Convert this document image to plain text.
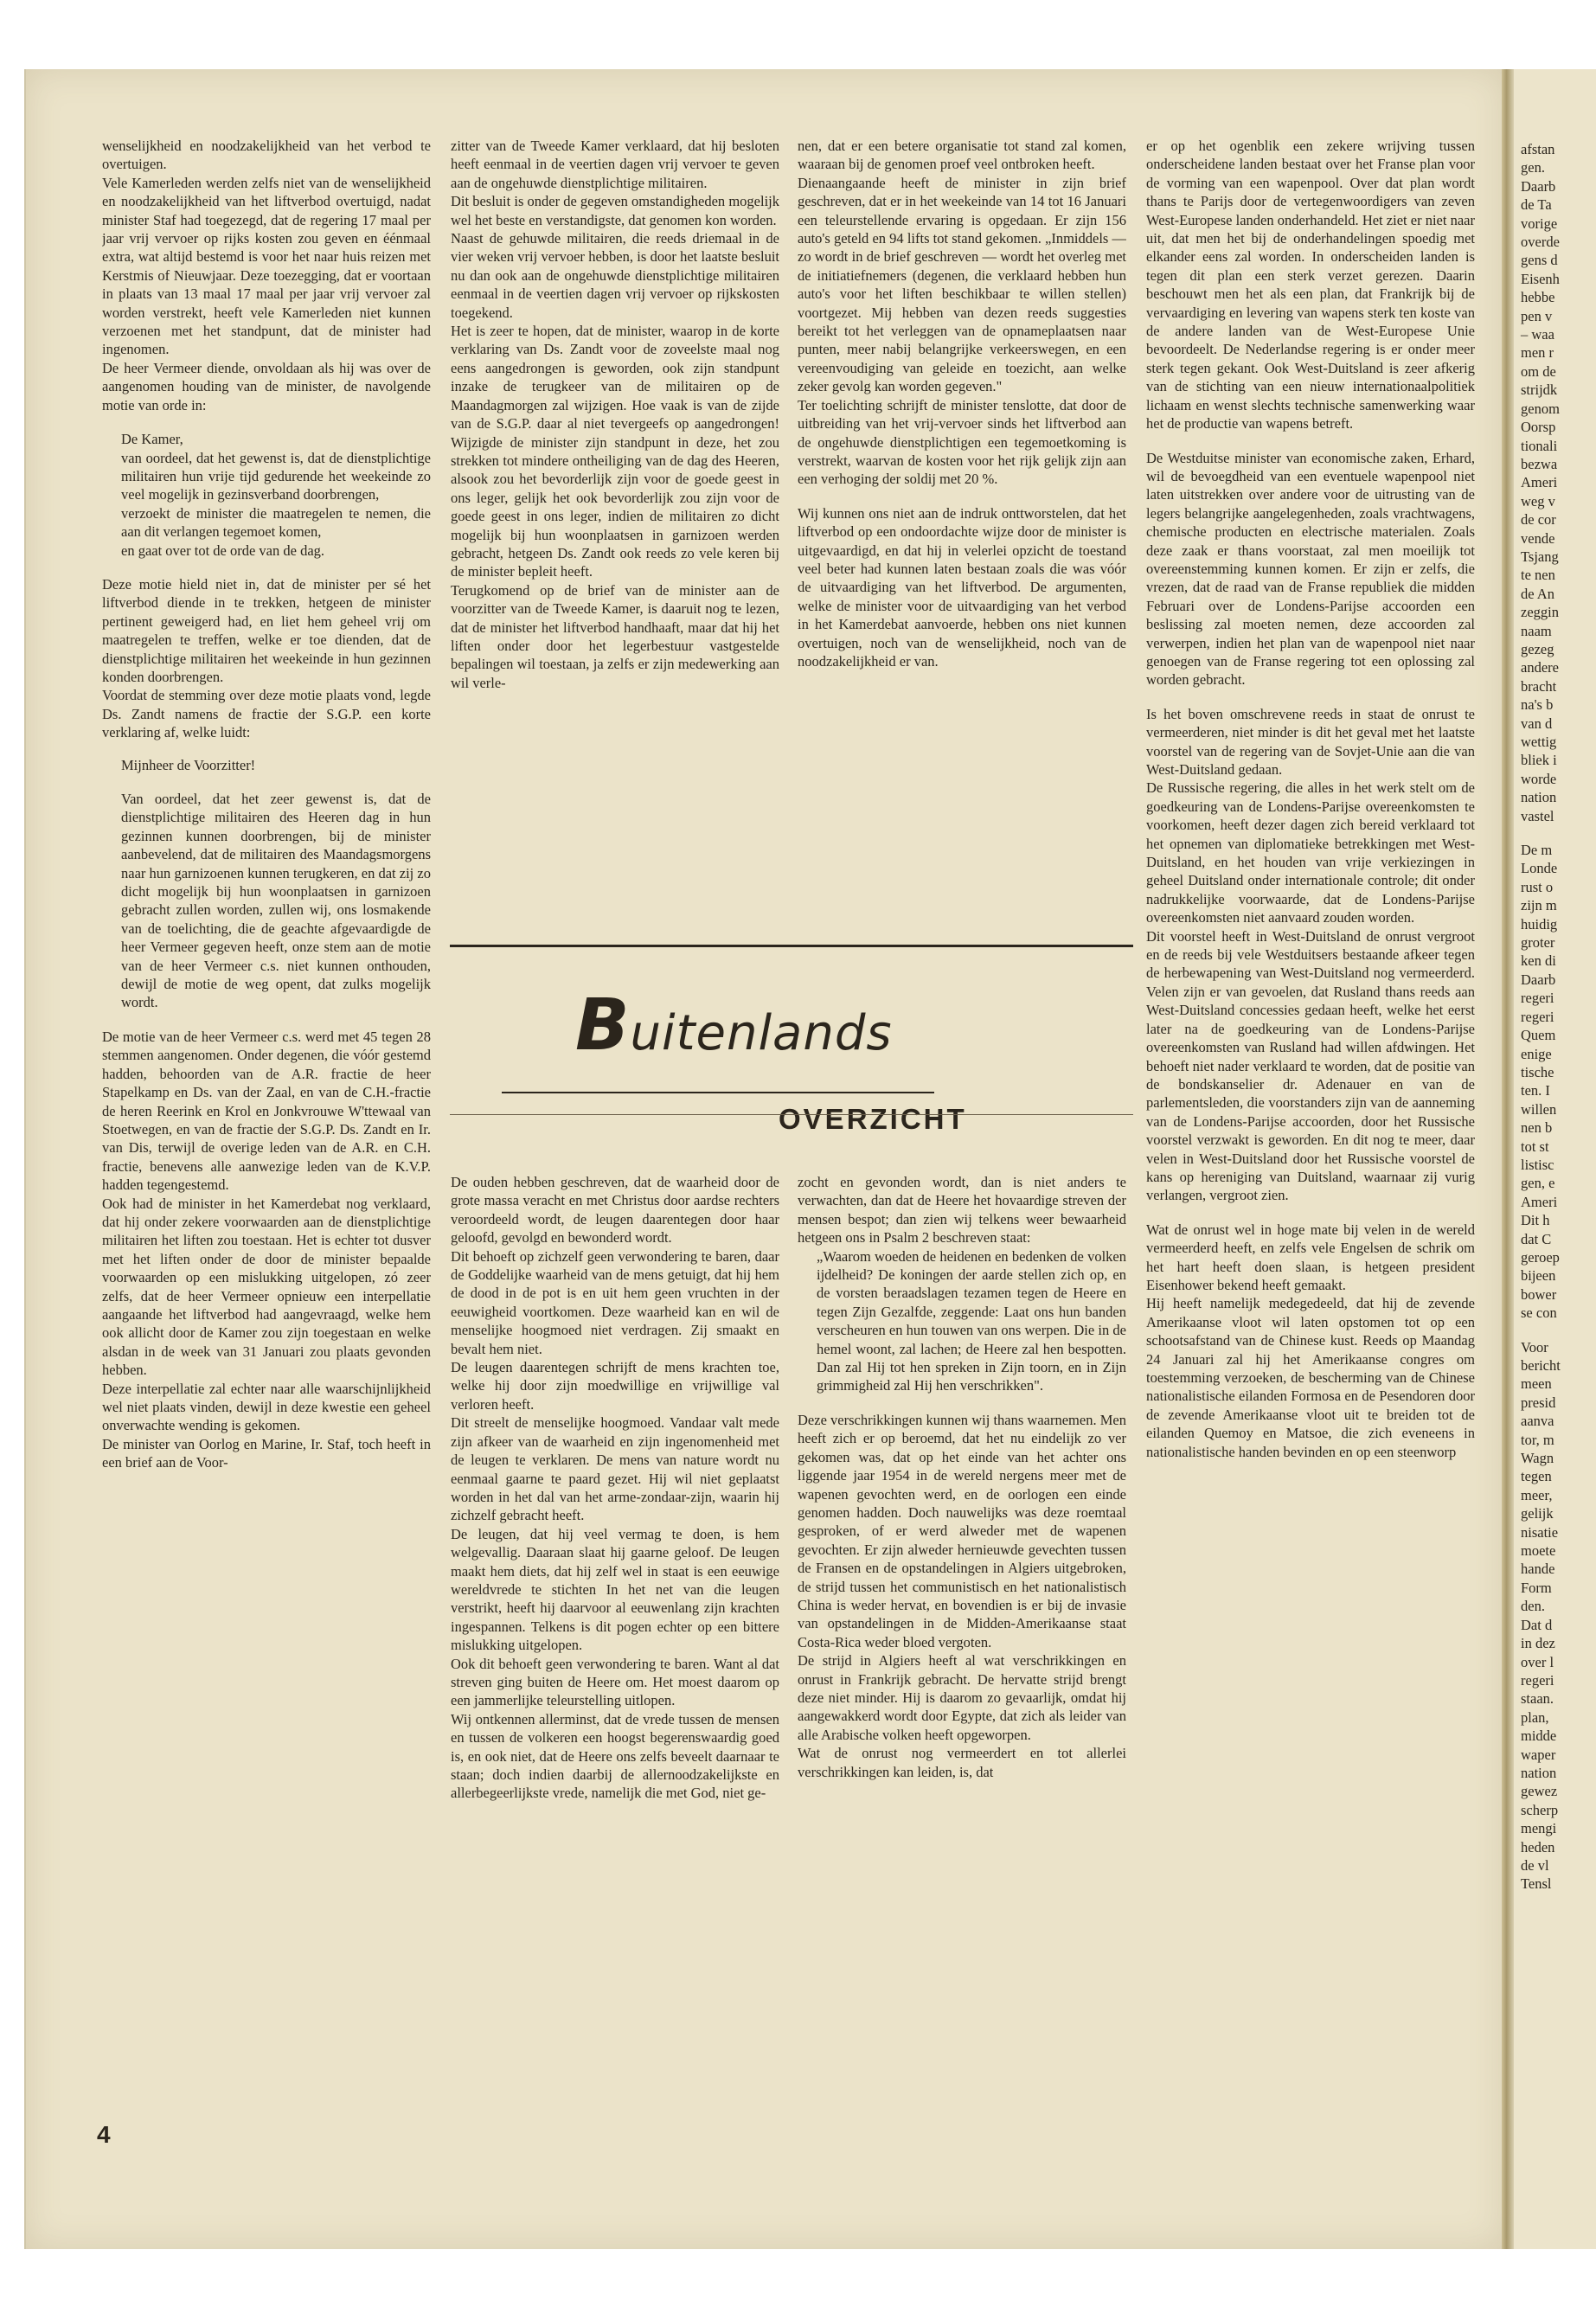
afstan

gen.

Daarb

de Ta

vorige

overde

gens d

Eisenh

hebbe

pen v

– waa

men r

om de

strijdk

genom

Oorsp

tionali

bezwa

Ameri

weg v

de cor

vende

Tsjang

te nen

de An

zeggin

naam

gezeg

andere

bracht

na's b

van d

wettig

bliek i

worde

nation

vastel

De m

Londe

rust o

zijn m

huidig

groter

ken di

Daarb

regeri

regeri

Quem

enige

tische

ten. I

willen

nen b

tot st

listisc

gen, e

Ameri

Dit h

dat C

geroep

bijeen

bower

se con

Voor

bericht

meen

presid

aanva

tor, m

Wagn

tegen

meer,

gelijk

nisatie

moete

hande

Form

den.

Dat d

in dez

over l

regeri

staan.

plan,

midde

waper

nation

gewez

scherp

mengi

heden

de vl

Tensl

wenselijkheid en noodzakelijkheid van het verbod te overtuigen.

Vele Kamerleden werden zelfs niet van de wenselijkheid en noodzakelijkheid van het liftverbod overtuigd, nadat minister Staf had toegezegd, dat de regering 17 maal per jaar vrij vervoer op rijks kosten zou geven en éénmaal extra, wat altijd bestemd is voor het naar huis reizen met Kerstmis of Nieuwjaar. Deze toezegging, dat er voortaan in plaats van 13 maal 17 maal per jaar vrij vervoer zal worden verstrekt, heeft vele Kamerleden niet kunnen verzoenen met het standpunt, dat de minister had ingenomen.

De heer Vermeer diende, onvoldaan als hij was over de aangenomen houding van de minister, de navolgende motie van orde in:

De Kamer,

van oordeel, dat het gewenst is, dat de dienstplichtige militairen hun vrije tijd gedurende het weekeinde zo veel mogelijk in gezinsverband doorbrengen,

verzoekt de minister die maatregelen te nemen, die aan dit verlangen tegemoet komen,

en gaat over tot de orde van de dag.

Deze motie hield niet in, dat de minister per sé het liftverbod diende in te trekken, hetgeen de minister pertinent geweigerd had, en liet hem geheel vrij om maatregelen te treffen, welke er toe dienden, dat de dienstplichtige militairen het weekeinde in hun gezinnen konden doorbrengen.

Voordat de stemming over deze motie plaats vond, legde Ds. Zandt namens de fractie der S.G.P. een korte verklaring af, welke luidt:

Mijnheer de Voorzitter!

Van oordeel, dat het zeer gewenst is, dat de dienstplichtige militairen des Heeren dag in hun gezinnen kunnen doorbrengen, bij de minister aanbevelend, dat de militairen des Maandagsmorgens naar hun garnizoenen kunnen terugkeren, en dat zij zo dicht mogelijk bij hun woonplaatsen in garnizoen gebracht zullen worden, zullen wij, ons losmakende van de toelichting, die de geachte afgevaardigde de heer Vermeer gegeven heeft, onze stem aan de motie van de heer Vermeer c.s. niet kunnen onthouden, dewijl de motie de weg opent, dat zulks mogelijk wordt.

De motie van de heer Vermeer c.s. werd met 45 tegen 28 stemmen aangenomen. Onder degenen, die vóór gestemd hadden, behoorden van de A.R. fractie de heer Stapelkamp en Ds. van der Zaal, en van de C.H.-fractie de heren Reerink en Krol en Jonkvrouwe W'ttewaal van Stoetwegen, en van de fractie der S.G.P. Ds. Zandt en Ir. van Dis, terwijl de overige leden van de A.R. en C.H. fractie, benevens alle aanwezige leden van de K.V.P. hadden tegengestemd.

Ook had de minister in het Kamerdebat nog verklaard, dat hij onder zekere voorwaarden aan de dienstplichtige militairen het liften zou toestaan. Het is echter tot dusver met het liften onder de door de minister bepaalde voorwaarden op een mislukking uitgelopen, zó zeer zelfs, dat de heer Vermeer opnieuw een interpellatie aangaande het liftverbod had aangevraagd, welke hem ook allicht door de Kamer zou zijn toegestaan en welke alsdan in de week van 31 Januari zou plaats gevonden hebben.

Deze interpellatie zal echter naar alle waarschijnlijkheid wel niet plaats vinden, dewijl in deze kwestie een geheel onverwachte wending is gekomen.

De minister van Oorlog en Marine, Ir. Staf, toch heeft in een brief aan de Voor-

zitter van de Tweede Kamer verklaard, dat hij besloten heeft eenmaal in de veertien dagen vrij vervoer te geven aan de ongehuwde dienstplichtige militairen.

Dit besluit is onder de gegeven omstandigheden mogelijk wel het beste en verstandigste, dat genomen kon worden.

Naast de gehuwde militairen, die reeds driemaal in de vier weken vrij vervoer hebben, is door het laatste besluit nu dan ook aan de ongehuwde dienstplichtige militairen eenmaal in de veertien dagen vrij vervoer op rijkskosten toegekend.

Het is zeer te hopen, dat de minister, waarop in de korte verklaring van Ds. Zandt voor de zoveelste maal nog eens aangedrongen is geworden, ook zijn standpunt inzake de terugkeer van de militairen op de Maandagmorgen zal wijzigen. Hoe vaak is van de zijde van de S.G.P. daar al niet tevergeefs op aangedrongen! Wijzigde de minister zijn standpunt in deze, het zou strekken tot mindere ontheiliging van de dag des Heeren, alsook zou het bevorderlijk zijn voor de goede geest in ons leger, gelijk het ook bevorderlijk zou zijn voor de goede geest in ons leger, indien de militairen zo dicht mogelijk bij hun woonplaatsen in garnizoen werden gebracht, hetgeen Ds. Zandt ook reeds zo vele keren bij de minister bepleit heeft.

Terugkomend op de brief van de minister aan de voorzitter van de Tweede Kamer, is daaruit nog te lezen, dat de minister het liftverbod handhaaft, maar dat hij het liften onder door het legerbestuur vastgestelde bepalingen wil toestaan, ja zelfs er zijn medewerking aan wil verle-

nen, dat er een betere organisatie tot stand zal komen, waaraan bij de genomen proef veel ontbroken heeft.

Dienaangaande heeft de minister in zijn brief geschreven, dat er in het weekeinde van 14 tot 16 Januari een teleurstellende ervaring is opgedaan. Er zijn 156 auto's geteld en 94 lifts tot stand gekomen. „Inmiddels —zo wordt in de brief geschreven — wordt het overleg met de initiatiefnemers (degenen, die verklaard hebben hun auto's voor het liften beschikbaar te willen stellen) voortgezet. Mij hebben van dezen reeds suggesties bereikt tot het verleggen van de opnameplaatsen naar punten, meer nabij belangrijke verkeerswegen, en een vereenvoudiging van geleide en toezicht, aan welke zeker gevolg kan worden gegeven."

Ter toelichting schrijft de minister tenslotte, dat door de uitbreiding van het vrij-vervoer sinds het liftverbod aan de ongehuwde dienstplichtigen een tegemoetkoming is verstrekt, waarvan de kosten voor het rijk gelijk zijn aan een verhoging der soldij met 20 %.

Wij kunnen ons niet aan de indruk onttworstelen, dat het liftverbod op een ondoordachte wijze door de minister is uitgevaardigd, en dat hij in velerlei opzicht de toestand veel beter had kunnen laten bestaan zoals die was vóór de uitvaardiging van het liftverbod. De argumenten, welke de minister voor de uitvaardiging van het verbod in het Kamerdebat aanvoerde, hebben ons niet kunnen overtuigen, noch van de wenselijkheid, noch van de noodzakelijkheid er van.

er op het ogenblik een zekere wrijving tussen onderscheidene landen bestaat over het Franse plan voor de vorming van een wapenpool. Over dat plan wordt thans te Parijs door de vertegenwoordigers van zeven West-Europese landen onderhandeld. Het ziet er niet naar uit, dat men het bij de onderhandelingen spoedig met elkander eens zal worden. In onderscheiden landen is tegen dit plan een sterk verzet gerezen. Daarin beschouwt men het als een plan, dat Frankrijk bij de vervaardiging en levering van wapens sterk ten koste van de andere landen van de West-Europese Unie bevoordeelt. De Nederlandse regering is er onder meer sterk tegen gekant. Ook West-Duitsland is zeer afkerig van de stichting van een nieuw internationaalpolitiek lichaam en wenst slechts technische samenwerking waar het de productie van wapens betreft.

De Westduitse minister van economische zaken, Erhard, wil de bevoegdheid van een eventuele wapenpool niet laten uitstrekken over andere voor de uitrusting van de legers belangrijke aangelegenheden, zoals vrachtwagens, chemische producten en electrische materialen. Zoals deze zaak er thans voorstaat, zal men moeilijk tot overeenstemming kunnen komen. Er zijn er zelfs, die vrezen, dat de raad van de Franse republiek die midden Februari over de Londens-Parijse accoorden een beslissing zal moeten nemen, deze accoorden zal verwerpen, indien het plan van de wapenpool niet naar genoegen van de Franse regering tot een oplossing zal worden gebracht.

Is het boven omschrevene reeds in staat de onrust te vermeerderen, niet minder is dit het geval met het laatste voorstel van de regering van de Sovjet-Unie aan die van West-Duitsland gedaan.

De Russische regering, die alles in het werk stelt om de goedkeuring van de Londens-Parijse overeenkomsten te voorkomen, heeft dezer dagen zich bereid verklaard tot het opnemen van diplomatieke betrekkingen met West-Duitsland, en het houden van vrije verkiezingen in geheel Duitsland onder internationale controle; dit onder nadrukkelijke voorwaarde, dat de Londens-Parijse overeenkomsten niet aanvaard zouden worden.

Dit voorstel heeft in West-Duitsland de onrust vergroot en de reeds bij vele Westduitsers bestaande afkeer tegen de herbewapening van West-Duitsland nog vermeerderd. Velen zijn er van gevoelen, dat Rusland thans reeds aan West-Duitsland concessies gedaan heeft, welke het eerst later na de goedkeuring van de Londens-Parijse overeenkomsten van Rusland had willen afdwingen. Het behoeft niet nader verklaard te worden, dat de positie van de bondskanselier dr. Adenauer en van de parlementsleden, die voorstanders zijn van de aanneming van de Londens-Parijse accoorden, door het Russische voorstel verzwakt is geworden. En dit nog te meer, daar velen in West-Duitsland door het Russische voorstel de kans op hereniging van Duitsland, waarnaar zij vurig verlangen, vergroot zien.

Wat de onrust wel in hoge mate bij velen in de wereld vermeerderd heeft, en zelfs vele Engelsen de schrik om het hart heeft doen slaan, is hetgeen president Eisenhower bekend heeft gemaakt.

Hij heeft namelijk medegedeeld, dat hij de zevende Amerikaanse vloot wil laten opstomen tot op een schootsafstand van de Chinese kust. Reeds op Maandag 24 Januari zal hij het Amerikaanse congres om toestemming verzoeken, de bescherming van de Chinese nationalistische eilanden Formosa en de Pesendoren door de zevende Amerikaanse vloot uit te breiden tot de eilanden Quemoy en Matsoe, die zich eveneens in nationalistische handen bevinden en op een steenworp

De ouden hebben geschreven, dat de waarheid door de grote massa veracht en met Christus door aardse rechters veroordeeld wordt, de leugen daarentegen door haar geloofd, gevolgd en bewonderd wordt.

Dit behoeft op zichzelf geen verwondering te baren, daar de Goddelijke waarheid van de mens getuigt, dat hij hem de dood in de pot is en uit hem geen vruchten in der eeuwigheid voortkomen. Deze waarheid kan en wil de menselijke hoogmoed niet verdragen. Zij smaakt en bevalt hem niet.

De leugen daarentegen schrijft de mens krachten toe, welke hij door zijn moedwillige en vrijwillige val verloren heeft.

Dit streelt de menselijke hoogmoed. Vandaar valt mede zijn afkeer van de waarheid en zijn ingenomenheid met de leugen te verklaren. De mens van nature wordt nu eenmaal gaarne te paard gezet. Hij wil niet geplaatst worden in het dal van het arme-zondaar-zijn, waarin hij zichzelf gebracht heeft.

De leugen, dat hij veel vermag te doen, is hem welgevallig. Daaraan slaat hij gaarne geloof. De leugen maakt hem diets, dat hij zelf wel in staat is een eeuwige wereldvrede te stichten In het net van die leugen verstrikt, heeft hij daarvoor al eeuwenlang zijn krachten ingespannen. Telkens is dit pogen echter op een bittere mislukking uitgelopen.

Ook dit behoeft geen verwondering te baren. Want al dat streven ging buiten de Heere om. Het moest daarom op een jammerlijke teleurstelling uitlopen.

Wij ontkennen allerminst, dat de vrede tussen de mensen en tussen de volkeren een hoogst begerenswaardig goed is, en ook niet, dat de Heere ons zelfs beveelt daarnaar te staan; doch indien daarbij de allernoodzakelijkste en allerbegeerlijkste vrede, namelijk die met God, niet ge-

zocht en gevonden wordt, dan is niet anders te verwachten, dan dat de Heere het hovaardige streven der mensen bespot; dan zien wij telkens weer bewaarheid hetgeen ons in Psalm 2 beschreven staat:

„Waarom woeden de heidenen en bedenken de volken ijdelheid? De koningen der aarde stellen zich op, en de vorsten beraadslagen tezamen tegen de Heere en tegen Zijn Gezalfde, zeggende: Laat ons hun banden verscheuren en hun touwen van ons werpen. Die in de hemel woont, zal lachen; de Heere zal hen bespotten. Dan zal Hij tot hen spreken in Zijn toorn, en in Zijn grimmigheid zal Hij hen verschrikken".

Deze verschrikkingen kunnen wij thans waarnemen. Men heeft zich er op beroemd, dat het nu eindelijk zo ver gekomen was, dat op het einde van het achter ons liggende jaar 1954 in de wereld nergens meer met de wapenen gevochten werd, en de oorlogen een einde genomen hadden. Doch nauwelijks was deze roemtaal gesproken, of er werd alweder met de wapenen gevochten. Er zijn alweder hernieuwde gevechten tussen de Fransen en de opstandelingen in Algiers uitgebroken, de strijd tussen het communistisch en het nationalistisch China is weder hervat, en bovendien is er bij de invasie van opstandelingen in de Midden-Amerikaanse staat Costa-Rica weder bloed vergoten.

De strijd in Algiers heeft al wat verschrikkingen en onrust in Frankrijk gebracht. De hervatte strijd brengt deze niet minder. Hij is daarom zo gevaarlijk, omdat hij aangewakkerd wordt door Egypte, dat zich als leider van alle Arabische volken heeft opgeworpen.

Wat de onrust nog vermeerdert en tot allerlei verschrikkingen kan leiden, is, dat

Buitenlands
OVERZICHT
4
